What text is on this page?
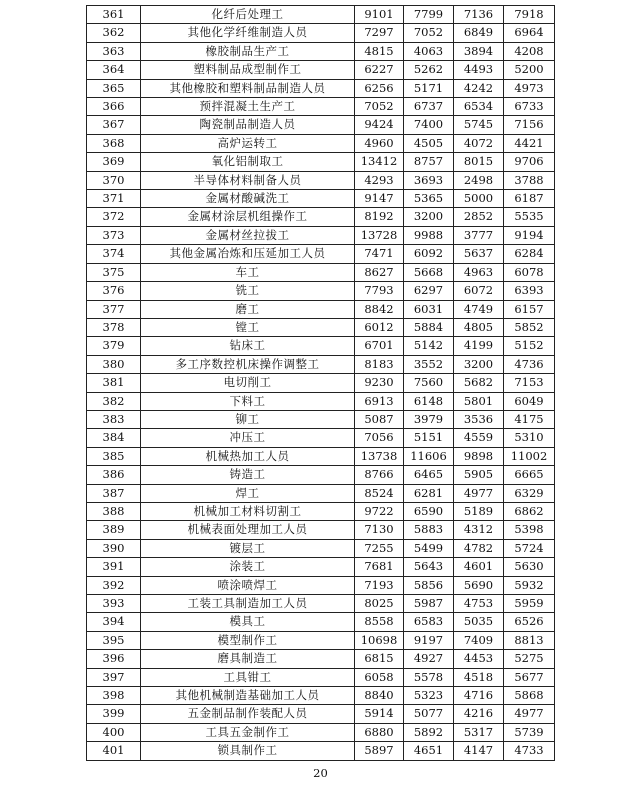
361	化纤后处理工	9101	7799	7136	7918
362	其他化学纤维制造人员	7297	7052	6849	6964
363	橡胶制品生产工	4815	4063	3894	4208
364	塑料制品成型制作工	6227	5262	4493	5200
365	其他橡胶和塑料制品制造人员	6256	5171	4242	4973
366	预拌混凝土生产工	7052	6737	6534	6733
367	陶瓷制品制造人员	9424	7400	5745	7156
368	高炉运转工	4960	4505	4072	4421
369	氧化铝制取工	13412	8757	8015	9706
370	半导体材料制备人员	4293	3693	2498	3788
371	金属材酸碱洗工	9147	5365	5000	6187
372	金属材涂层机组操作工	8192	3200	2852	5535
373	金属材丝拉拔工	13728	9988	3777	9194
374	其他金属冶炼和压延加工人员	7471	6092	5637	6284
375	车工	8627	5668	4963	6078
376	铣工	7793	6297	6072	6393
377	磨工	8842	6031	4749	6157
378	镗工	6012	5884	4805	5852
379	钻床工	6701	5142	4199	5152
380	多工序数控机床操作调整工	8183	3552	3200	4736
381	电切削工	9230	7560	5682	7153
382	下料工	6913	6148	5801	6049
383	铆工	5087	3979	3536	4175
384	冲压工	7056	5151	4559	5310
385	机械热加工人员	13738	11606	9898	11002
386	铸造工	8766	6465	5905	6665
387	焊工	8524	6281	4977	6329
388	机械加工材料切割工	9722	6590	5189	6862
389	机械表面处理加工人员	7130	5883	4312	5398
390	镀层工	7255	5499	4782	5724
391	涂装工	7681	5643	4601	5630
392	喷涂喷焊工	7193	5856	5690	5932
393	工装工具制造加工人员	8025	5987	4753	5959
394	模具工	8558	6583	5035	6526
395	模型制作工	10698	9197	7409	8813
396	磨具制造工	6815	4927	4453	5275
397	工具钳工	6058	5578	4518	5677
398	其他机械制造基础加工人员	8840	5323	4716	5868
399	五金制品制作装配人员	5914	5077	4216	4977
400	工具五金制作工	6880	5892	5317	5739
401	锁具制作工	5897	4651	4147	4733
20
